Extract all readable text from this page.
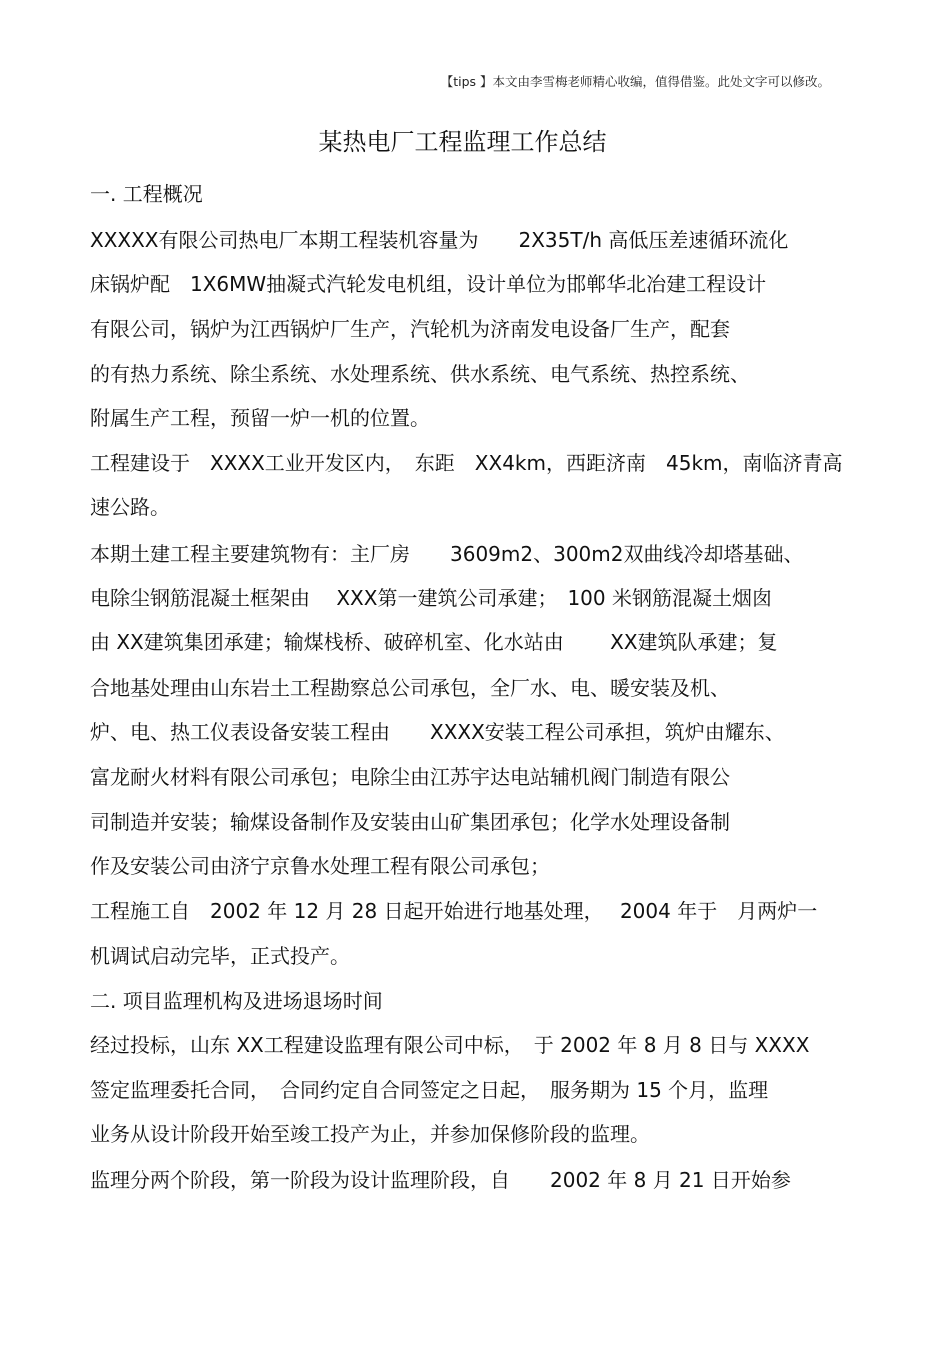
【tips 】本文由李雪梅老师精心收编，值得借鉴。此处文字可以修改。
某热电厂工程监理工作总结
一. 工程概况
XXXXX有限公司热电厂本期工程装机容量为　　2X35T/h 高低压差速循环流化
床锅炉配　1X6MW抽凝式汽轮发电机组，设计单位为邯郸华北冶建工程设计
有限公司，锅炉为江西锅炉厂生产，汽轮机为济南发电设备厂生产，配套
的有热力系统、除尘系统、水处理系统、供水系统、电气系统、热控系统、
附属生产工程，预留一炉一机的位置。
工程建设于　XXXX工业开发区内，　东距　XX4km，西距济南　45km，南临济青高
速公路。
本期土建工程主要建筑物有：主厂房　　3609m2、300m2双曲线冷却塔基础、
电除尘钢筋混凝土框架由　 XXX第一建筑公司承建；　100 米钢筋混凝土烟囱
由 XX建筑集团承建；输煤栈桥、破碎机室、化水站由　　 XX建筑队承建；复
合地基处理由山东岩土工程勘察总公司承包，全厂水、电、暖安装及机、
炉、电、热工仪表设备安装工程由　　XXXX安装工程公司承担，筑炉由耀东、
富龙耐火材料有限公司承包；电除尘由江苏宇达电站辅机阀门制造有限公
司制造并安装；输煤设备制作及安装由山矿集团承包；化学水处理设备制
作及安装公司由济宁京鲁水处理工程有限公司承包；
工程施工自　2002 年 12 月 28 日起开始进行地基处理，　 2004 年于　月两炉一
机调试启动完毕，正式投产。
二. 项目监理机构及进场退场时间
经过投标，山东 XX工程建设监理有限公司中标，　于 2002 年 8 月 8 日与 XXXX
签定监理委托合同，　合同约定自合同签定之日起，　服务期为 15 个月，监理
业务从设计阶段开始至竣工投产为止，并参加保修阶段的监理。
监理分两个阶段，第一阶段为设计监理阶段，自　　2002 年 8 月 21 日开始参
